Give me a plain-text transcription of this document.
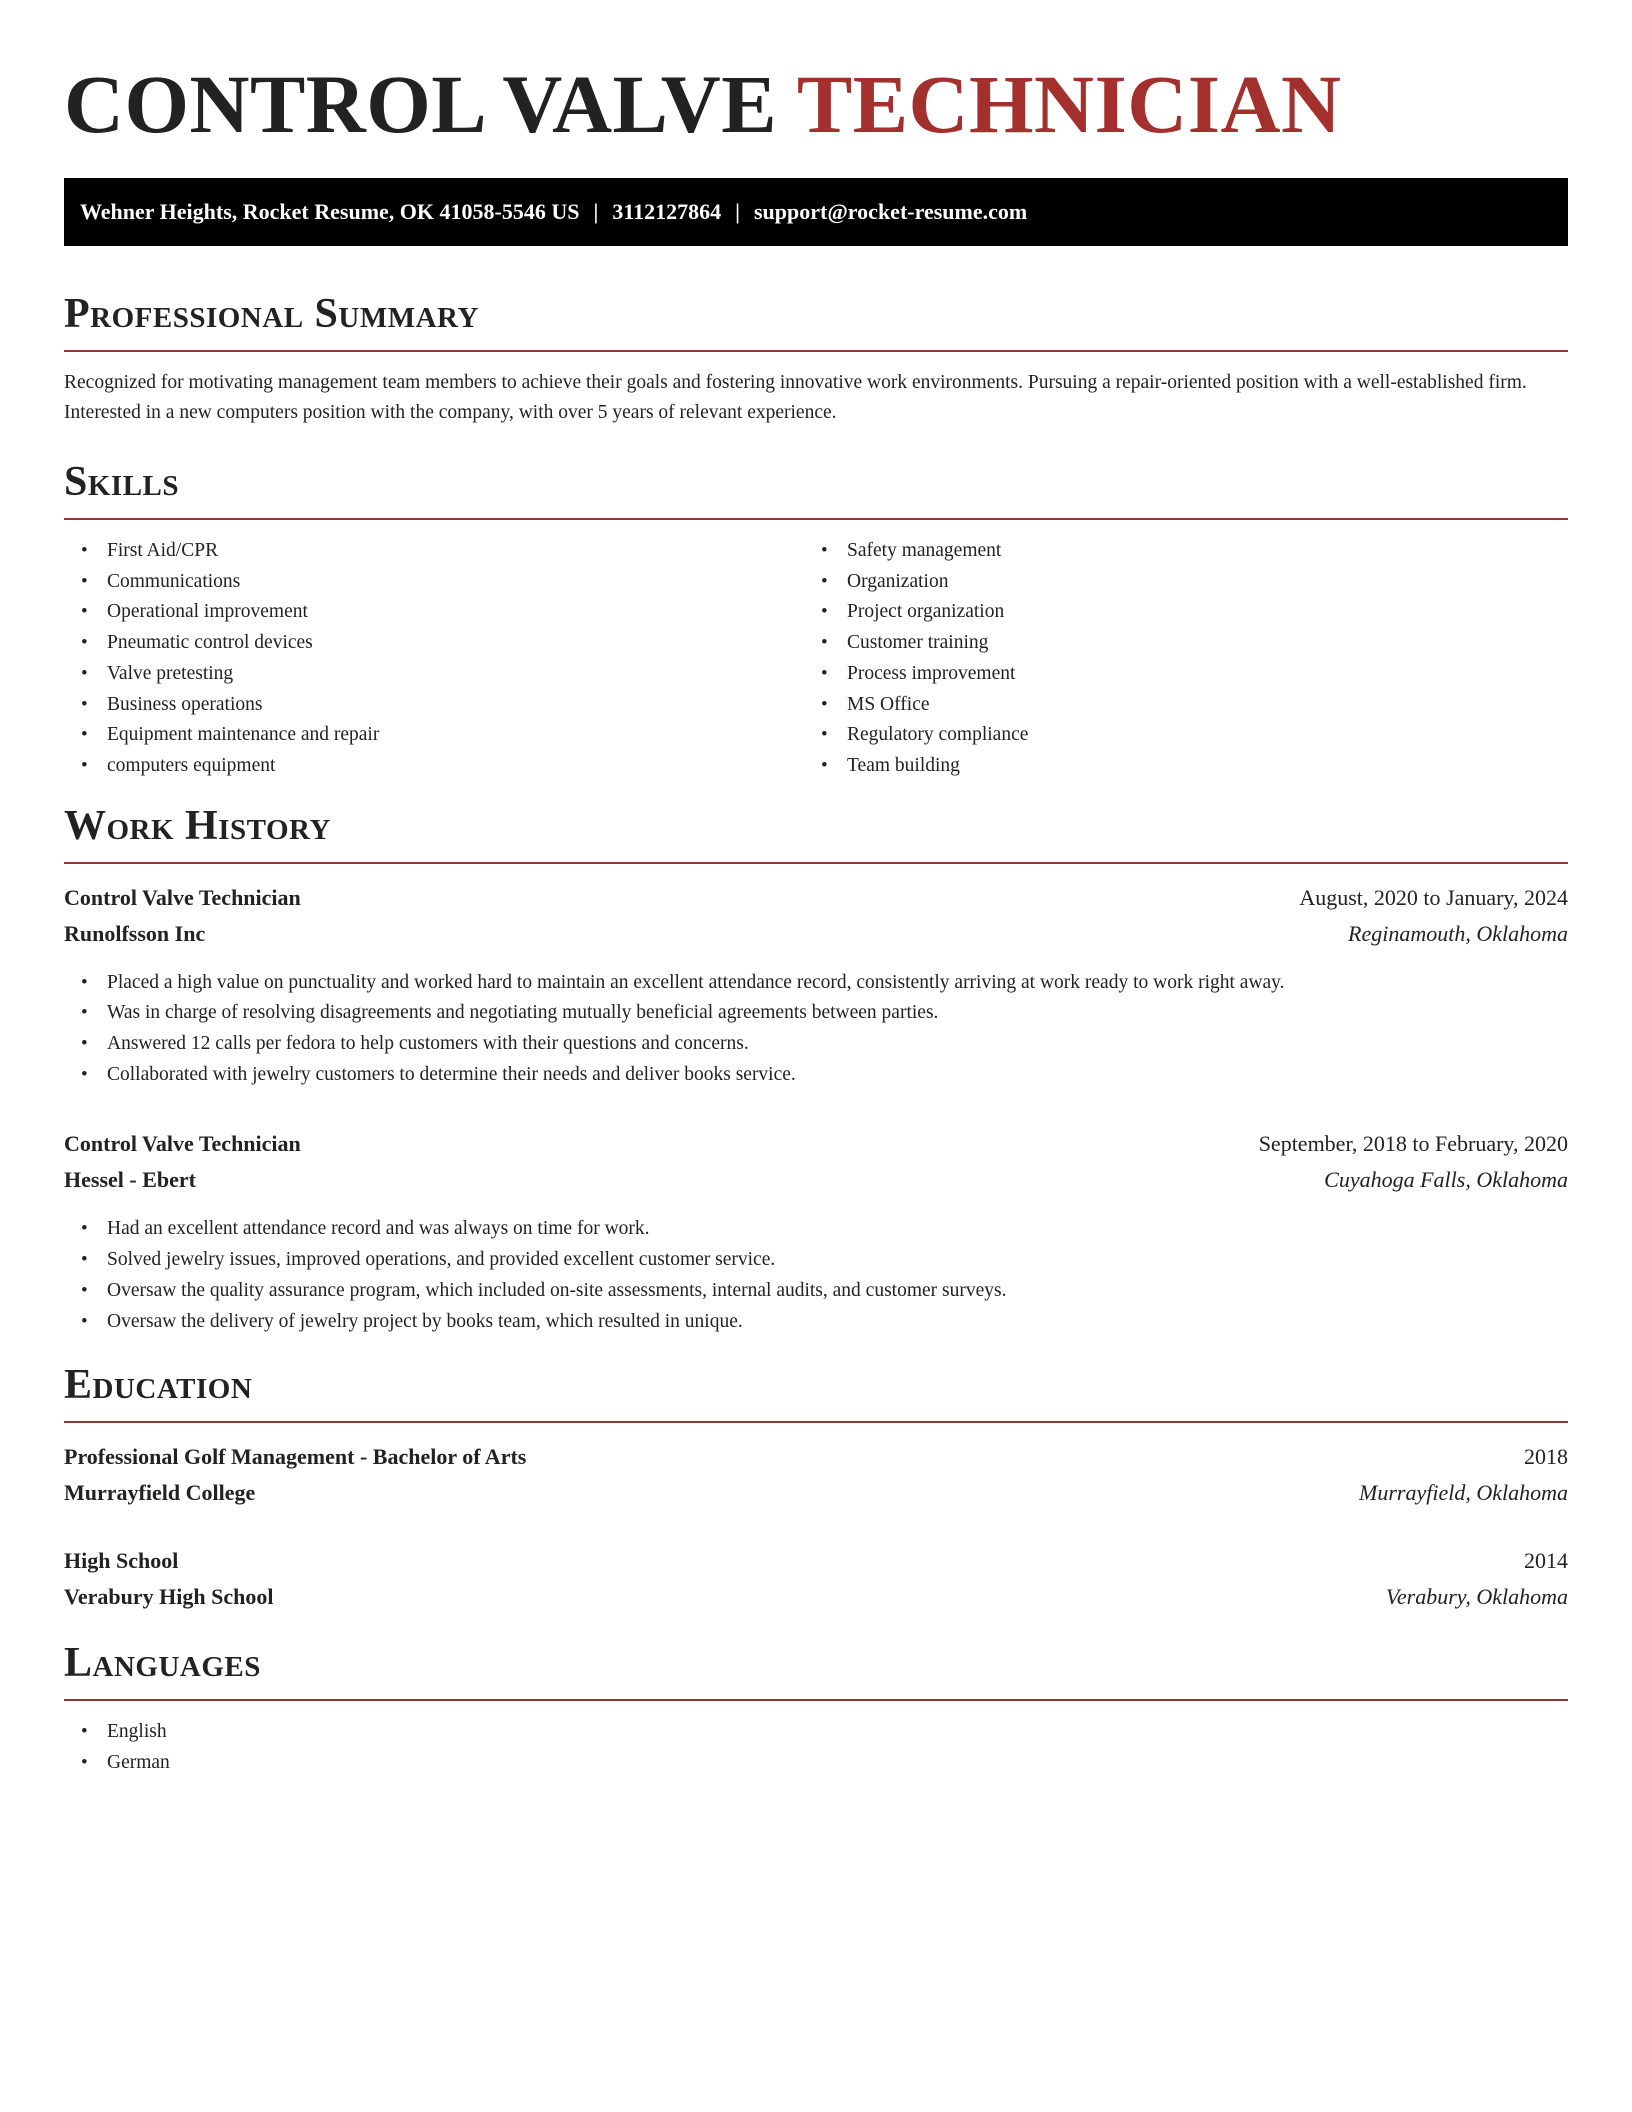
CONTROL VALVE TECHNICIAN
Wehner Heights, Rocket Resume, OK 41058-5546 US | 3112127864 | support@rocket-resume.com
Professional Summary

Recognized for motivating management team members to achieve their goals and fostering innovative work environments. Pursuing a repair-oriented position with a well-established firm. Interested in a new computers position with the company, with over 5 years of relevant experience.

Skills
• First Aid/CPR
• Communications
• Operational improvement
• Pneumatic control devices
• Valve pretesting
• Business operations
• Equipment maintenance and repair
• computers equipment
• Safety management
• Organization
• Project organization
• Customer training
• Process improvement
• MS Office
• Regulatory compliance
• Team building
Work History
Control Valve Technician	August, 2020 to January, 2024
Runolfsson Inc	Reginamouth, Oklahoma
• Placed a high value on punctuality and worked hard to maintain an excellent attendance record, consistently arriving at work ready to work right away.
• Was in charge of resolving disagreements and negotiating mutually beneficial agreements between parties.
• Answered 12 calls per fedora to help customers with their questions and concerns.
• Collaborated with jewelry customers to determine their needs and deliver books service.
Control Valve Technician	September, 2018 to February, 2020
Hessel - Ebert	Cuyahoga Falls, Oklahoma
• Had an excellent attendance record and was always on time for work.
• Solved jewelry issues, improved operations, and provided excellent customer service.
• Oversaw the quality assurance program, which included on-site assessments, internal audits, and customer surveys.
• Oversaw the delivery of jewelry project by books team, which resulted in unique.
Education
Professional Golf Management - Bachelor of Arts	2018
Murrayfield College	Murrayfield, Oklahoma
High School	2014
Verabury High School	Verabury, Oklahoma
Languages
• English
• German
